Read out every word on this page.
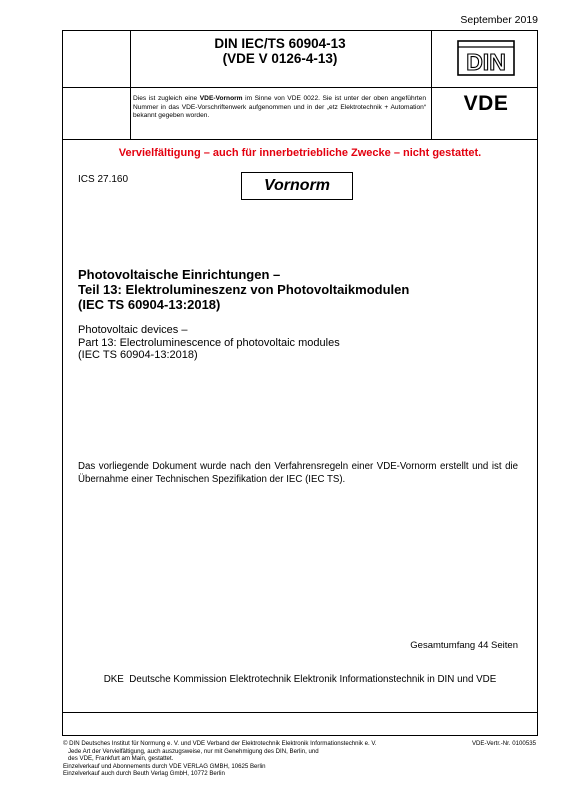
September 2019
DIN IEC/TS 60904-13
(VDE V 0126-4-13)	DIN
Dies ist zugleich eine VDE-Vornorm im Sinne von VDE 0022. Sie ist unter der oben angeführten Nummer in das VDE-Vorschriftenwerk aufgenommen und in der „etz Elektrotechnik + Automation“ bekannt gegeben worden.
VDE
Vervielfältigung – auch für innerbetriebliche Zwecke – nicht gestattet.
ICS 27.160	Vornorm
Photovoltaische Einrichtungen –
Teil 13: Elektrolumineszenz von Photovoltaikmodulen
(IEC TS 60904-13:2018)
Photovoltaic devices –
Part 13: Electroluminescence of photovoltaic modules
(IEC TS 60904-13:2018)
Das vorliegende Dokument wurde nach den Verfahrensregeln einer VDE-Vornorm erstellt und ist die Übernahme einer Technischen Spezifikation der IEC (IEC TS).
Gesamtumfang 44 Seiten
DKE Deutsche Kommission Elektrotechnik Elektronik Informationstechnik in DIN und VDE
© DIN Deutsches Institut für Normung e. V. und VDE Verband der Elektrotechnik Elektronik Informationstechnik e. V.
Jede Art der Vervielfältigung, auch auszugsweise, nur mit Genehmigung des DIN, Berlin, und
des VDE, Frankfurt am Main, gestattet.
Einzelverkauf und Abonnements durch VDE VERLAG GMBH, 10625 Berlin
Einzelverkauf auch durch Beuth Verlag GmbH, 10772 Berlin
VDE-Vertr.-Nr. 0100535
